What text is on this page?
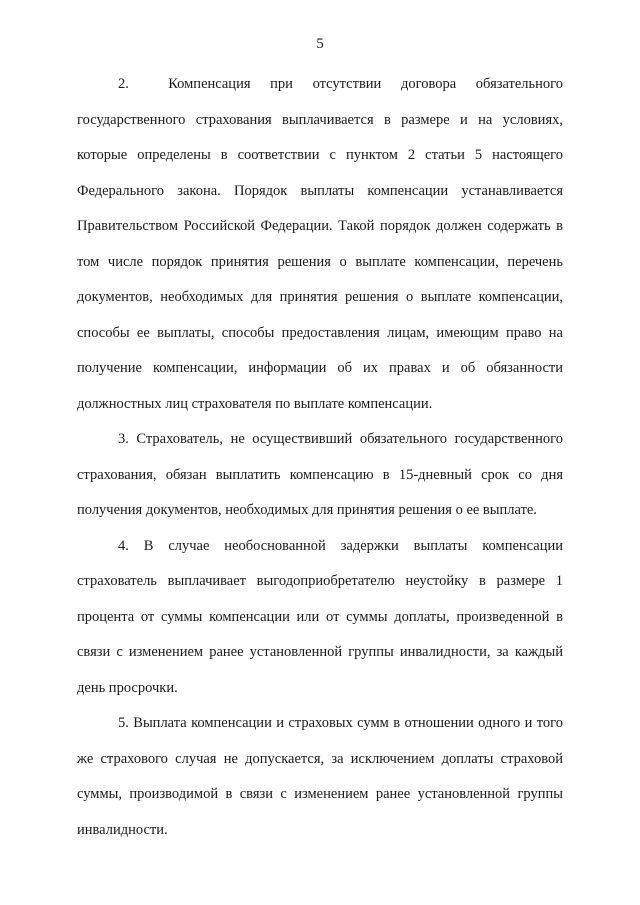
5

2.  Компенсация при отсутствии договора обязательного государственного страхования выплачивается в размере и на условиях, которые определены в соответствии с пунктом 2 статьи 5 настоящего Федерального закона. Порядок выплаты компенсации устанавливается Правительством Российской Федерации. Такой порядок должен содержать в том числе порядок принятия решения о выплате компенсации, перечень документов, необходимых для принятия решения о выплате компенсации, способы ее выплаты, способы предоставления лицам, имеющим право на получение компенсации, информации об их правах и об обязанности должностных лиц страхователя по выплате компенсации.

3. Страхователь, не осуществивший обязательного государственного страхования, обязан выплатить компенсацию в 15-дневный срок со дня получения документов, необходимых для принятия решения о ее выплате.

4. В случае необоснованной задержки выплаты компенсации страхователь выплачивает выгодоприобретателю неустойку в размере 1 процента от суммы компенсации или от суммы доплаты, произведенной в связи с изменением ранее установленной группы инвалидности, за каждый день просрочки.

5. Выплата компенсации и страховых сумм в отношении одного и того же страхового случая не допускается, за исключением доплаты страховой суммы, производимой в связи с изменением ранее установленной группы инвалидности.
